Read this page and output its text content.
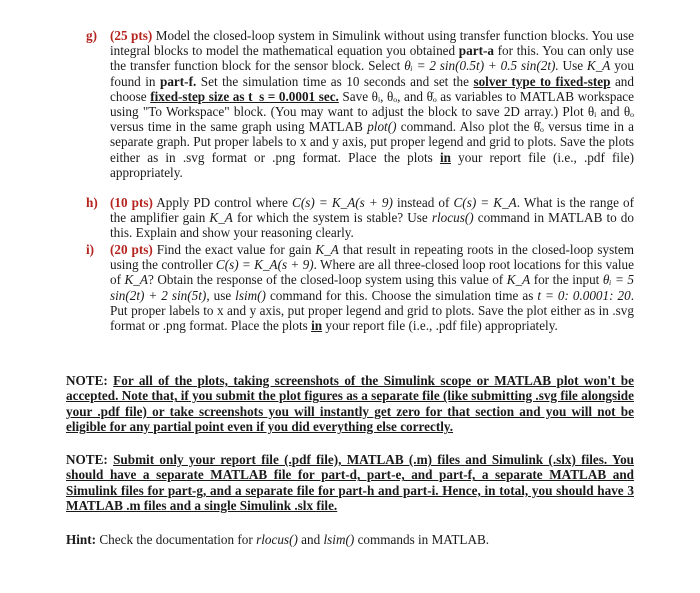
g) (25 pts) Model the closed-loop system in Simulink without using transfer function blocks. You use integral blocks to model the mathematical equation you obtained part-a for this. You can only use the transfer function block for the sensor block. Select θᵢ = 2 sin(0.5t) + 0.5 sin(2t). Use K_A you found in part-f. Set the simulation time as 10 seconds and set the solver type to fixed-step and choose fixed-step size as t_s = 0.0001 sec. Save θᵢ, θₒ, and θ̇ₒ as variables to MATLAB workspace using "To Workspace" block. (You may want to adjust the block to save 2D array.) Plot θᵢ and θₒ versus time in the same graph using MATLAB plot() command. Also plot the θ̇ₒ versus time in a separate graph. Put proper labels to x and y axis, put proper legend and grid to plots. Save the plots either as in .svg format or .png format. Place the plots in your report file (i.e., .pdf file) appropriately.
h) (10 pts) Apply PD control where C(s) = K_A(s + 9) instead of C(s) = K_A. What is the range of the amplifier gain K_A for which the system is stable? Use rlocus() command in MATLAB to do this. Explain and show your reasoning clearly.
i)	(20 pts) Find the exact value for gain K_A that result in repeating roots in the closed-loop system using the controller C(s) = K_A(s + 9). Where are all three-closed loop root locations for this value of K_A? Obtain the response of the closed-loop system using this value of K_A for the input θᵢ = 5 sin(2t) + 2 sin(5t), use lsim() command for this. Choose the simulation time as t = 0: 0.0001: 20. Put proper labels to x and y axis, put proper legend and grid to plots. Save the plot either as in .svg format or .png format. Place the plots in your report file (i.e., .pdf file) appropriately.
NOTE: For all of the plots, taking screenshots of the Simulink scope or MATLAB plot won't be accepted. Note that, if you submit the plot figures as a separate file (like submitting .svg file alongside your .pdf file) or take screenshots you will instantly get zero for that section and you will not be eligible for any partial point even if you did everything else correctly.
NOTE: Submit only your report file (.pdf file), MATLAB (.m) files and Simulink (.slx) files. You should have a separate MATLAB file for part-d, part-e, and part-f, a separate MATLAB and Simulink files for part-g, and a separate file for part-h and part-i. Hence, in total, you should have 3 MATLAB .m files and a single Simulink .slx file.
Hint: Check the documentation for rlocus() and lsim() commands in MATLAB.
